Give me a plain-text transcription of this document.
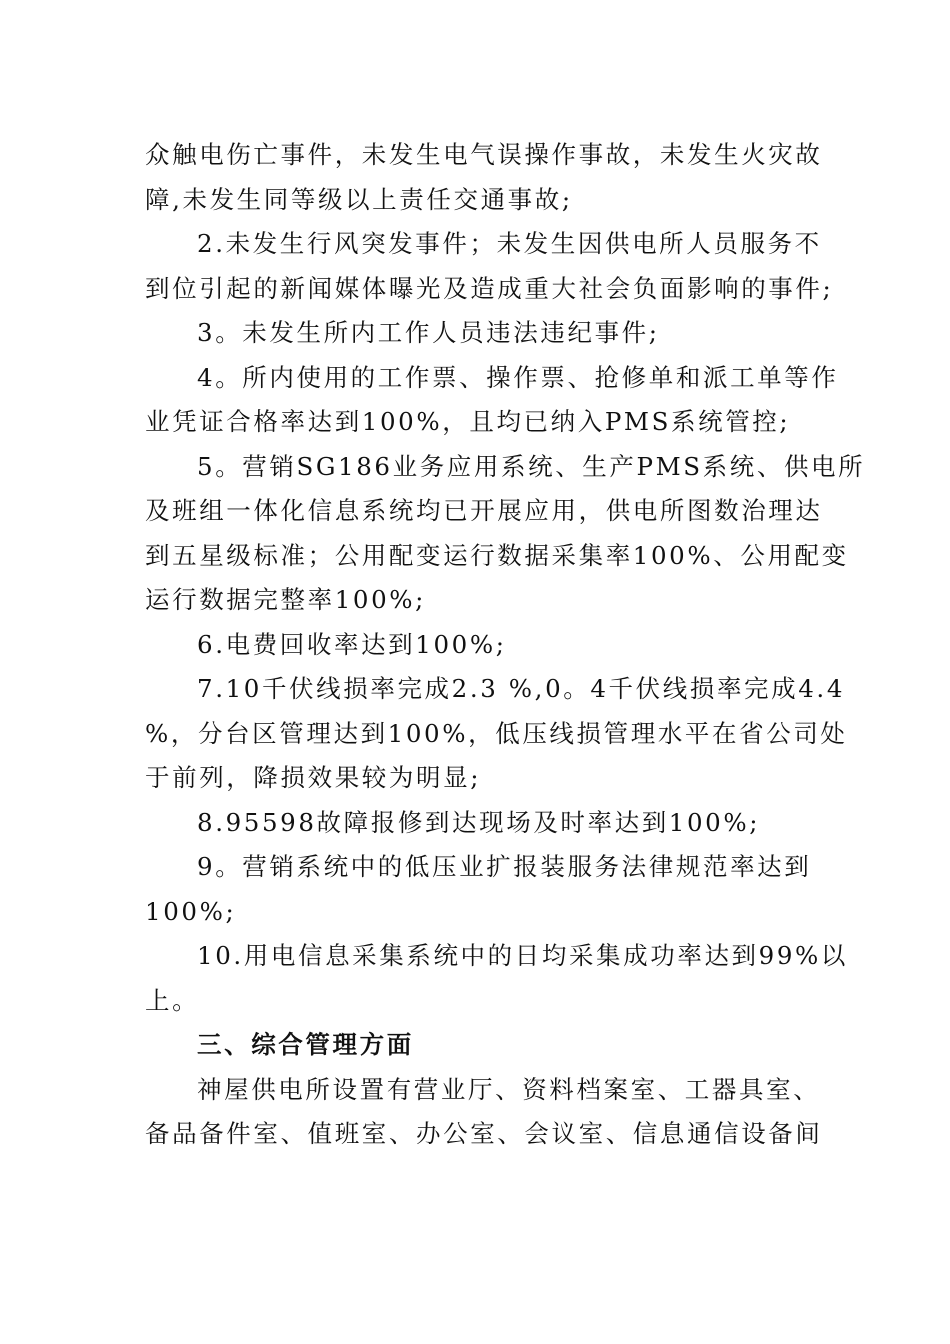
众触电伤亡事件，未发生电气误操作事故，未发生火灾故
障,未发生同等级以上责任交通事故;
2.未发生行风突发事件；未发生因供电所人员服务不
到位引起的新闻媒体曝光及造成重大社会负面影响的事件;
3。未发生所内工作人员违法违纪事件;
4。所内使用的工作票、操作票、抢修单和派工单等作
业凭证合格率达到100%，且均已纳入PMS系统管控;
5。营销SG186业务应用系统、生产PMS系统、供电所
及班组一体化信息系统均已开展应用，供电所图数治理达
到五星级标准；公用配变运行数据采集率100%、公用配变
运行数据完整率100%;
6.电费回收率达到100%;
7.10千伏线损率完成2.3 %,0。4千伏线损率完成4.4
%，分台区管理达到100%，低压线损管理水平在省公司处
于前列，降损效果较为明显;
8.95598故障报修到达现场及时率达到100%;
9。营销系统中的低压业扩报装服务法律规范率达到
100%;
10.用电信息采集系统中的日均采集成功率达到99%以
上。
三、综合管理方面
神屋供电所设置有营业厅、资料档案室、工器具室、
备品备件室、值班室、办公室、会议室、信息通信设备间
